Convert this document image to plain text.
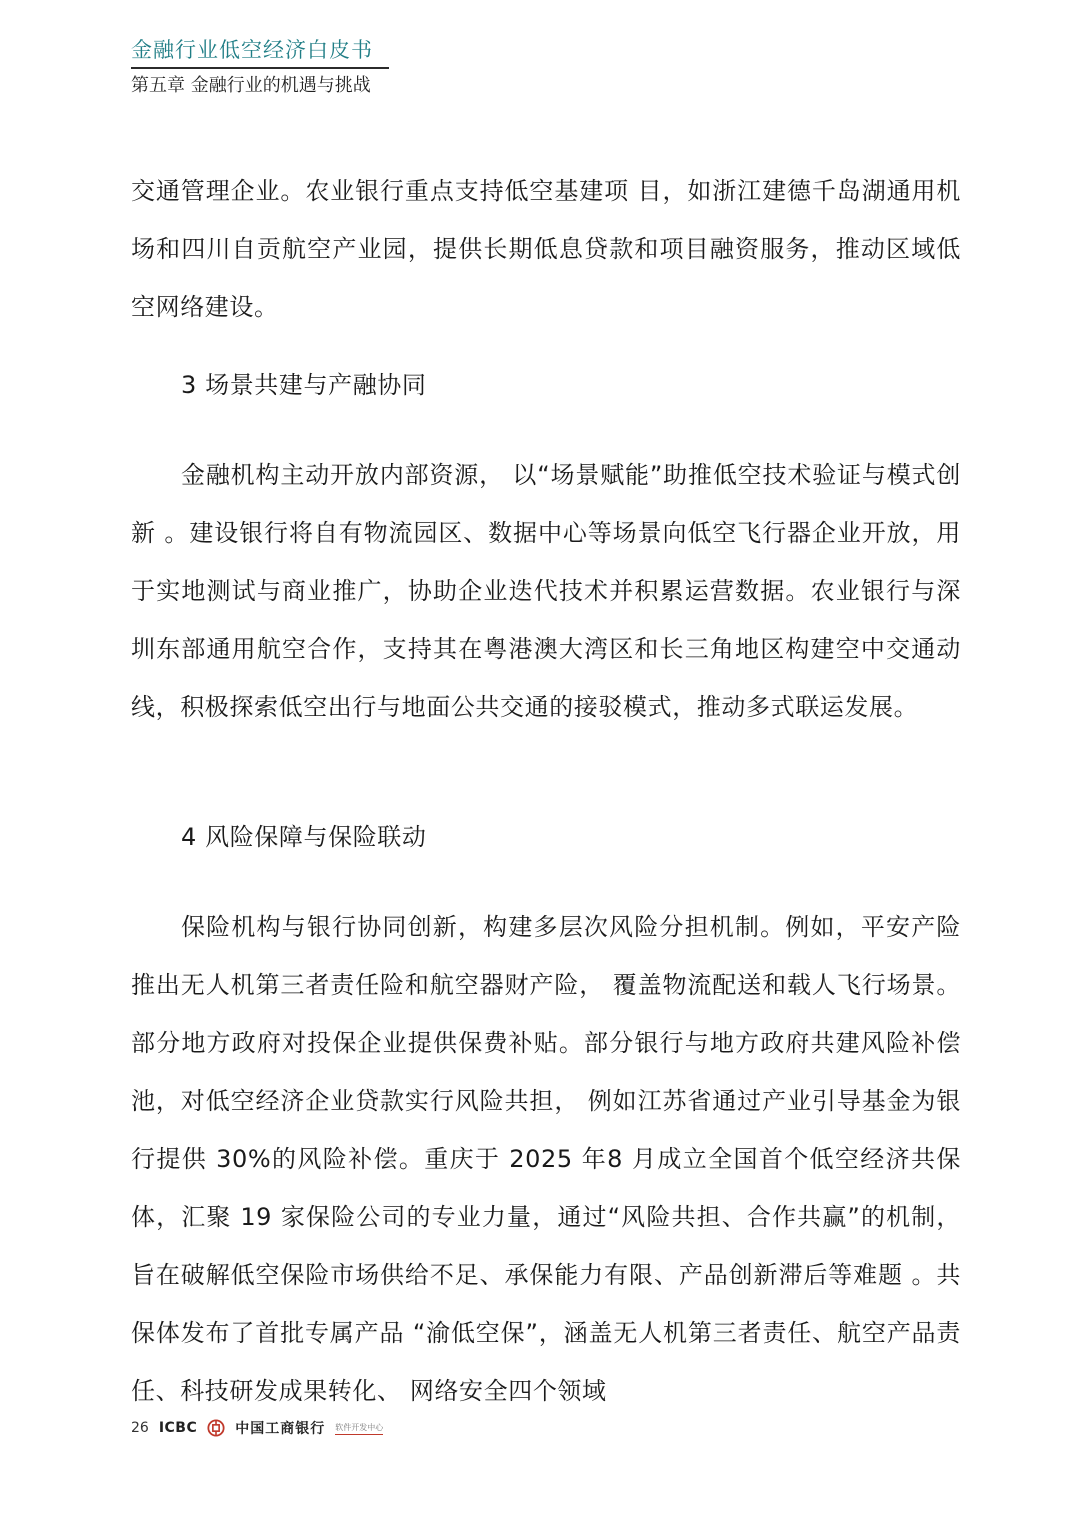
金融行业低空经济白皮书
第五章 金融行业的机遇与挑战

交通管理企业。农业银行重点支持低空基建项 目，如浙江建德千岛湖通用机场和四川自贡航空产业园，提供长期低息贷款和项目融资服务，推动区域低空网络建设。

3 场景共建与产融协同

金融机构主动开放内部资源， 以“场景赋能”助推低空技术验证与模式创新 。建设银行将自有物流园区、数据中心等场景向低空飞行器企业开放，用于实地测试与商业推广，协助企业迭代技术并积累运营数据。农业银行与深圳东部通用航空合作，支持其在粤港澳大湾区和长三角地区构建空中交通动线，积极探索低空出行与地面公共交通的接驳模式，推动多式联运发展。

4 风险保障与保险联动

保险机构与银行协同创新，构建多层次风险分担机制。例如，平安产险推出无人机第三者责任险和航空器财产险， 覆盖物流配送和载人飞行场景。部分地方政府对投保企业提供保费补贴。部分银行与地方政府共建风险补偿池，对低空经济企业贷款实行风险共担， 例如江苏省通过产业引导基金为银行提供 30%的风险补偿。重庆于 2025 年8 月成立全国首个低空经济共保体，汇聚 19 家保险公司的专业力量，通过“风险共担、合作共赢”的机制， 旨在破解低空保险市场供给不足、承保能力有限、产品创新滞后等难题 。共保体发布了首批专属产品 “渝低空保”，涵盖无人机第三者责任、航空产品责任、科技研发成果转化、 网络安全四个领域

26 ICBC	中国工商银行 软件开发中心
